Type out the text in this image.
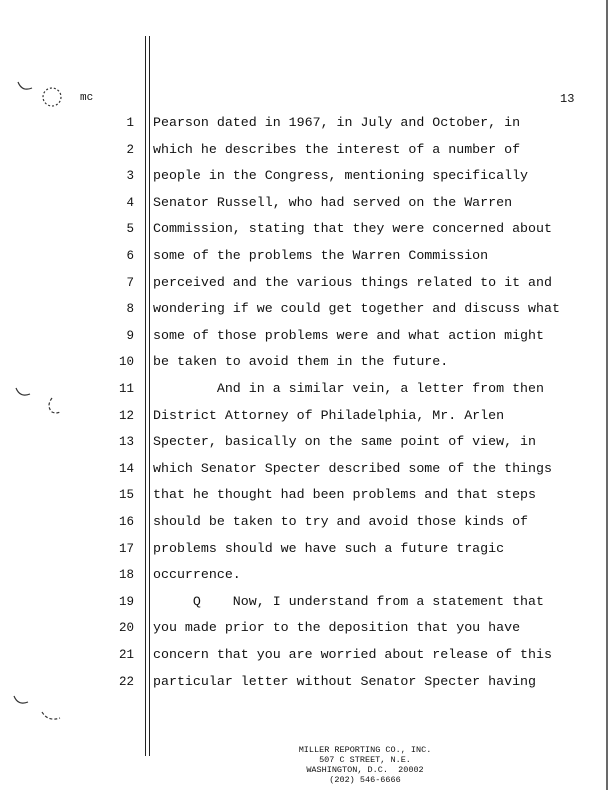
mc	13
1 Pearson dated in 1967, in July and October, in
2 which he describes the interest of a number of
3 people in the Congress, mentioning specifically
4 Senator Russell, who had served on the Warren
5 Commission, stating that they were concerned about
6 some of the problems the Warren Commission
7 perceived and the various things related to it and
8 wondering if we could get together and discuss what
9 some of those problems were and what action might
10 be taken to avoid them in the future.
11 And in a similar vein, a letter from then
12 District Attorney of Philadelphia, Mr. Arlen
13 Specter, basically on the same point of view, in
14 which Senator Specter described some of the things
15 that he thought had been problems and that steps
16 should be taken to try and avoid those kinds of
17 problems should we have such a future tragic
18 occurrence.
19 Q    Now, I understand from a statement that
20 you made prior to the deposition that you have
21 concern that you are worried about release of this
22 particular letter without Senator Specter having
MILLER REPORTING CO., INC.
507 C STREET, N.E.
WASHINGTON, D.C.  20002
(202) 546-6666
